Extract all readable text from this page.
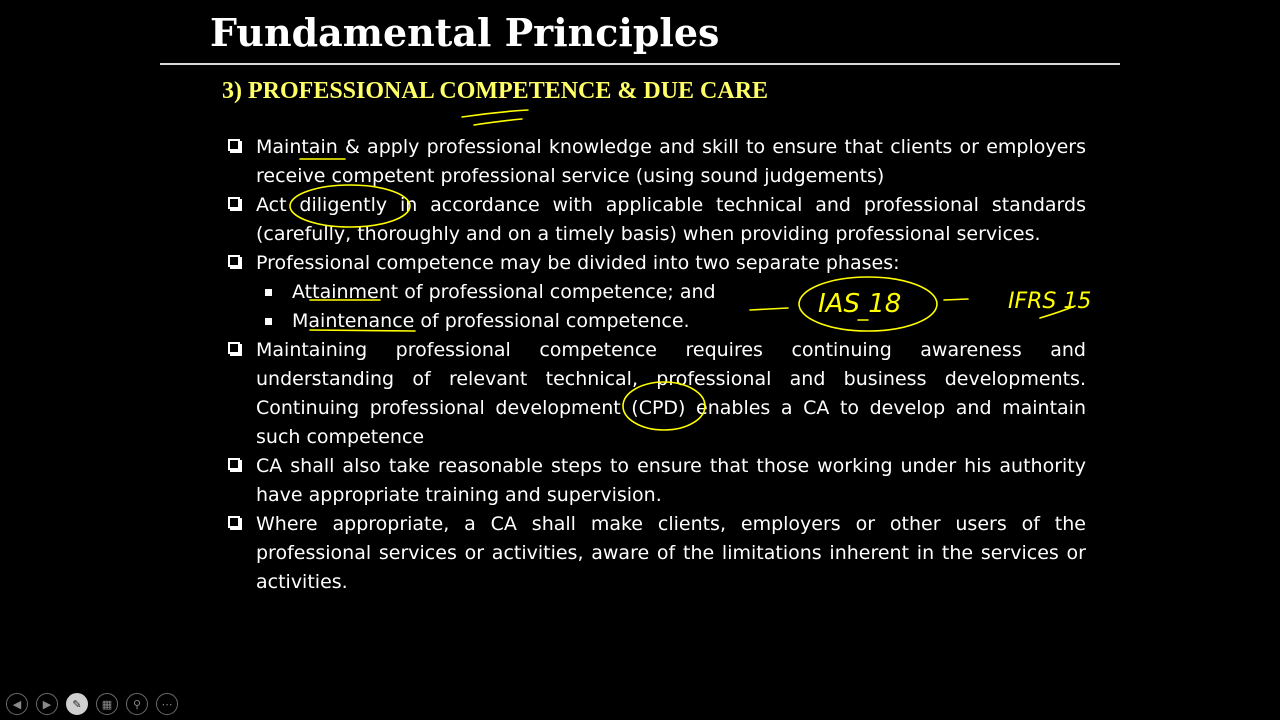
Fundamental Principles
3) PROFESSIONAL COMPETENCE & DUE CARE
Maintain & apply professional knowledge and skill to ensure that clients or employers receive competent professional service (using sound judgements)
Act diligently in accordance with applicable technical and professional standards (carefully, thoroughly and on a timely basis) when providing professional services.
Professional competence may be divided into two separate phases:
Attainment of professional competence; and
Maintenance of professional competence.
Maintaining professional competence requires continuing awareness and understanding of relevant technical, professional and business developments. Continuing professional development (CPD) enables a CA to develop and maintain such competence
CA shall also take reasonable steps to ensure that those working under his authority have appropriate training and supervision.
Where appropriate, a CA shall make clients, employers or other users of the professional services or activities, aware of the limitations inherent in the services or activities.
IAS 18	IFRS 15
◀	▶	✎	▦	⚲	⋯
